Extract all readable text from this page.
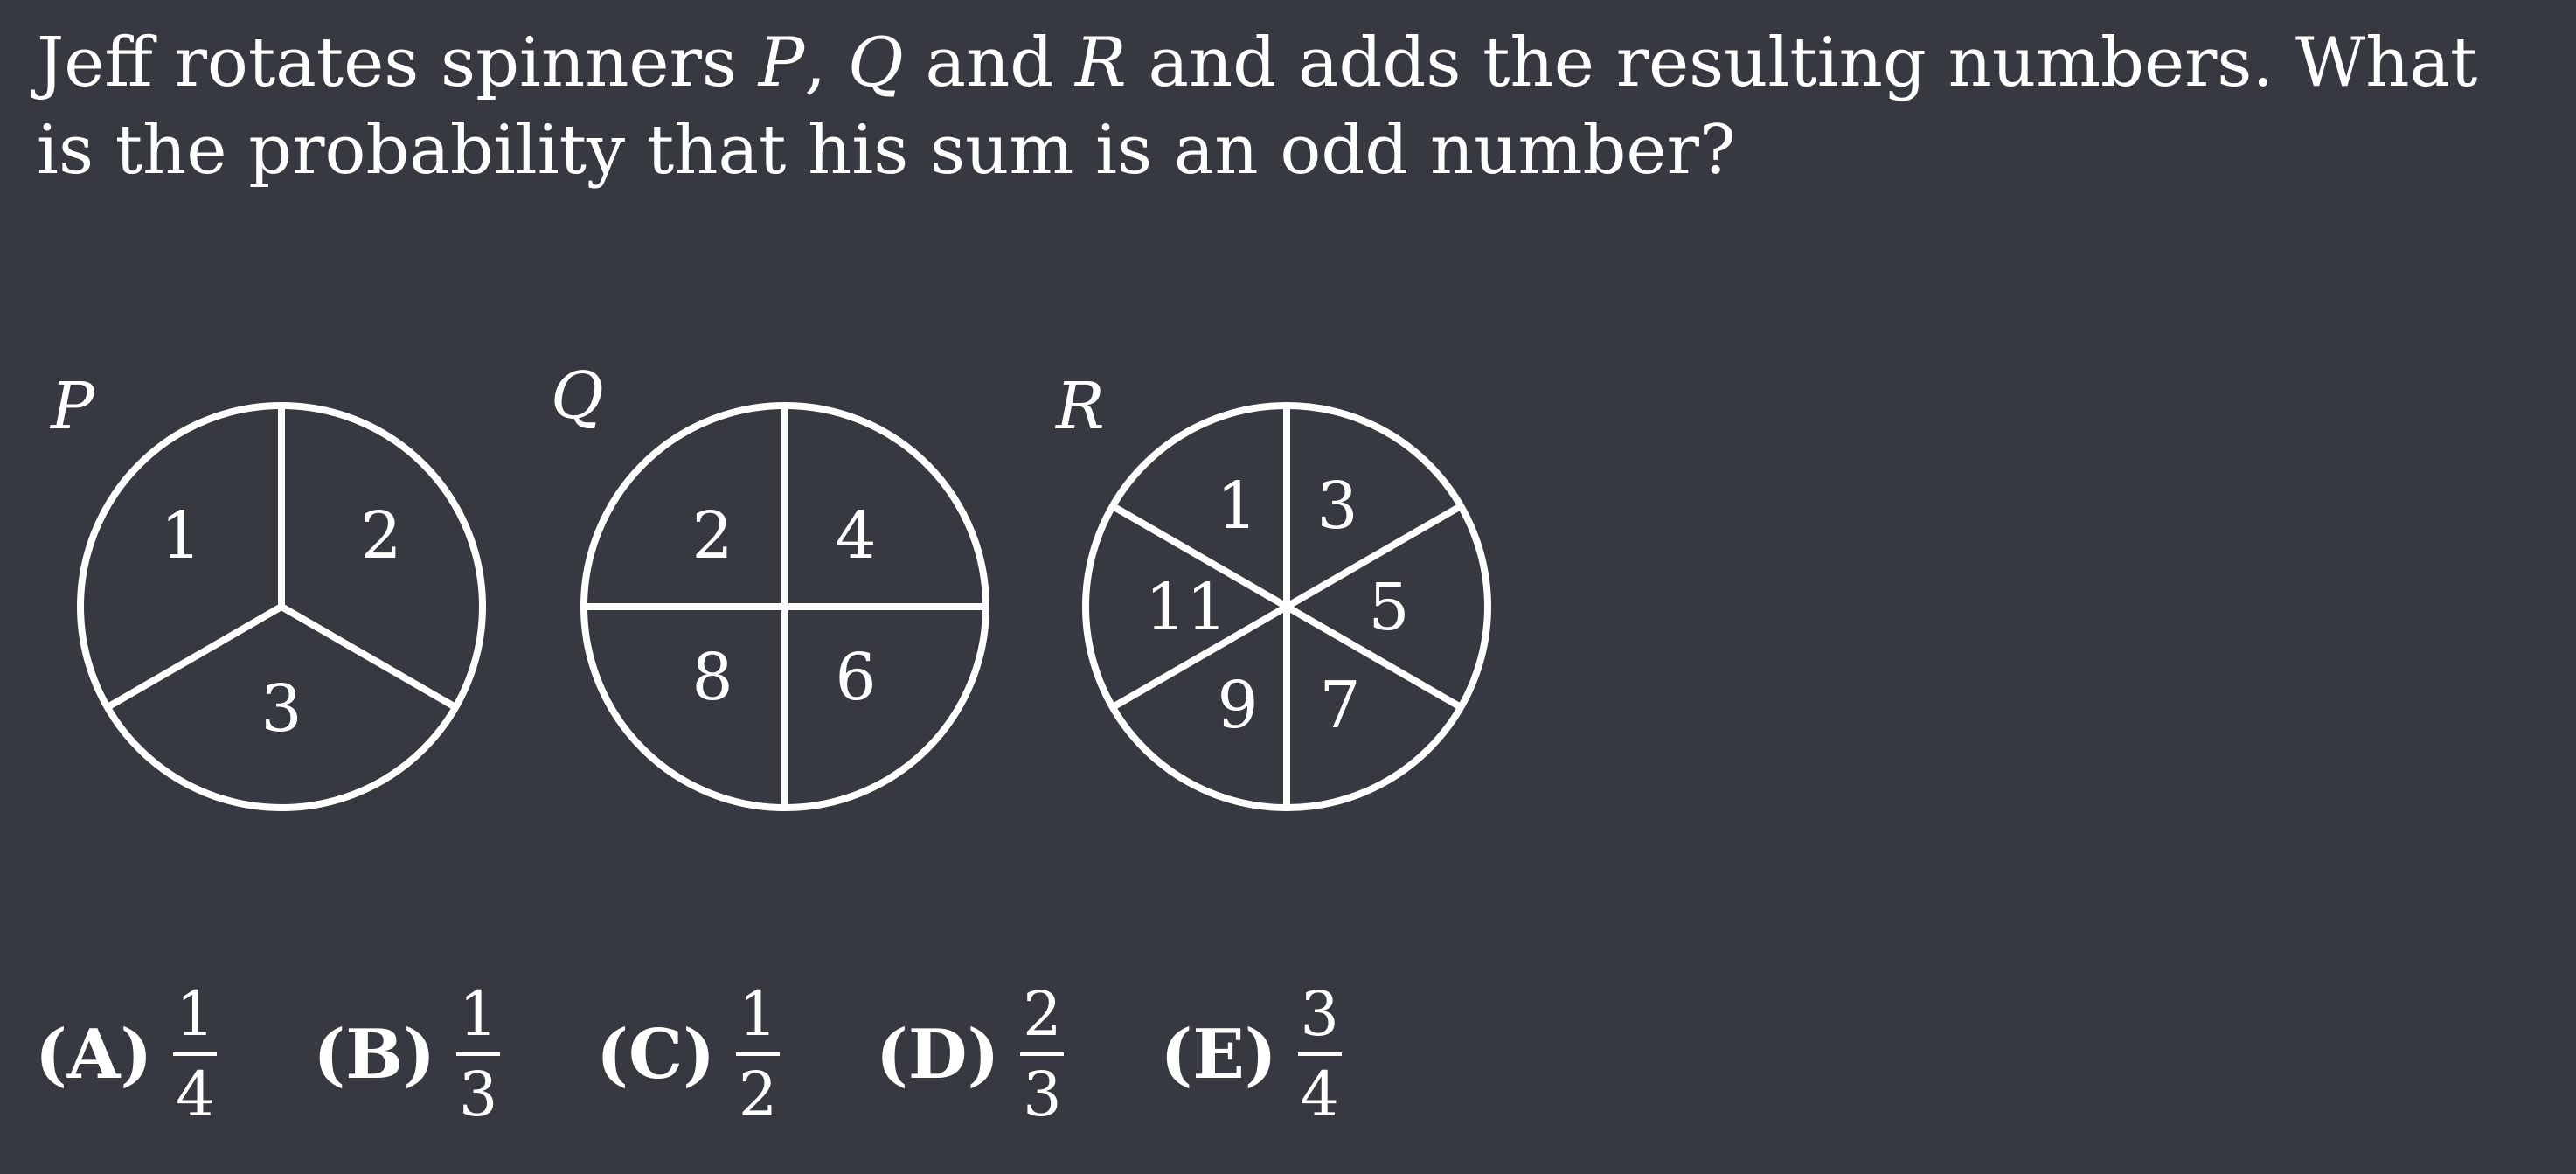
Jeff rotates spinners P, Q and R and adds the resulting numbers. What is the probability that his sum is an odd number?

P	Q	R
1 2
3
2 4
8 6
1 3
5
7
9
11
$(A) \frac{1}{4} (B) \frac{1}{3} (C) \frac{1}{2} (D) \frac{2}{3} (E) \frac{3}{4}$
